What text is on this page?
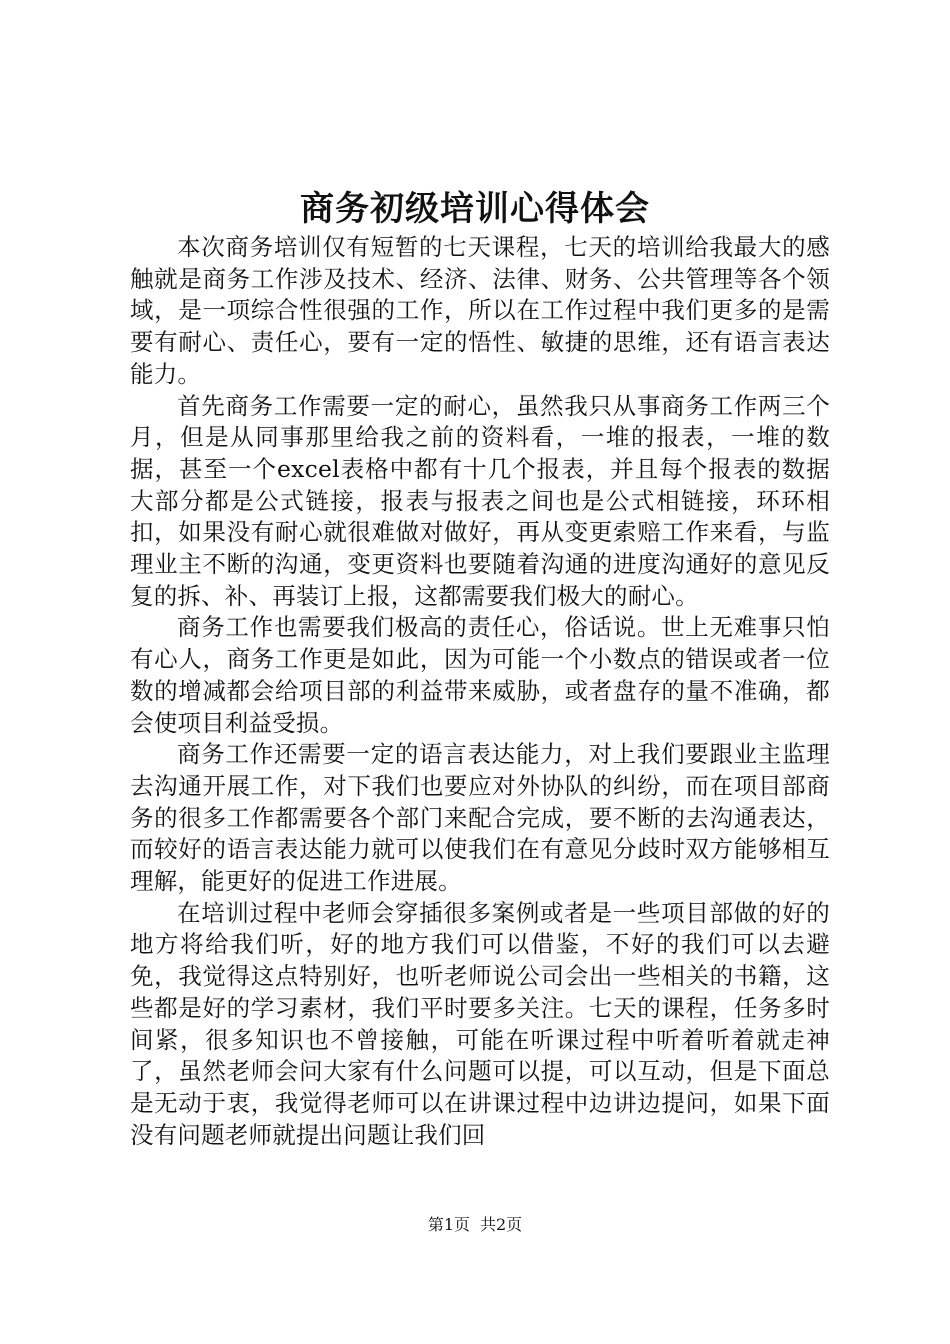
商务初级培训心得体会

本次商务培训仅有短暂的七天课程，七天的培训给我最大的感触就是商务工作涉及技术、经济、法律、财务、公共管理等各个领域，是一项综合性很强的工作，所以在工作过程中我们更多的是需要有耐心、责任心，要有一定的悟性、敏捷的思维，还有语言表达能力。

首先商务工作需要一定的耐心，虽然我只从事商务工作两三个月，但是从同事那里给我之前的资料看，一堆的报表，一堆的数据，甚至一个excel表格中都有十几个报表，并且每个报表的数据大部分都是公式链接，报表与报表之间也是公式相链接，环环相扣，如果没有耐心就很难做对做好，再从变更索赔工作来看，与监理业主不断的沟通，变更资料也要随着沟通的进度沟通好的意见反复的拆、补、再装订上报，这都需要我们极大的耐心。

商务工作也需要我们极高的责任心，俗话说。世上无难事只怕有心人，商务工作更是如此，因为可能一个小数点的错误或者一位数的增减都会给项目部的利益带来威胁，或者盘存的量不准确，都会使项目利益受损。

商务工作还需要一定的语言表达能力，对上我们要跟业主监理去沟通开展工作，对下我们也要应对外协队的纠纷，而在项目部商务的很多工作都需要各个部门来配合完成，要不断的去沟通表达，而较好的语言表达能力就可以使我们在有意见分歧时双方能够相互理解，能更好的促进工作进展。

在培训过程中老师会穿插很多案例或者是一些项目部做的好的地方将给我们听，好的地方我们可以借鉴，不好的我们可以去避免，我觉得这点特别好，也听老师说公司会出一些相关的书籍，这些都是好的学习素材，我们平时要多关注。七天的课程，任务多时间紧，很多知识也不曾接触，可能在听课过程中听着听着就走神了，虽然老师会问大家有什么问题可以提，可以互动，但是下面总是无动于衷，我觉得老师可以在讲课过程中边讲边提问，如果下面没有问题老师就提出问题让我们回

第1页 共2页
